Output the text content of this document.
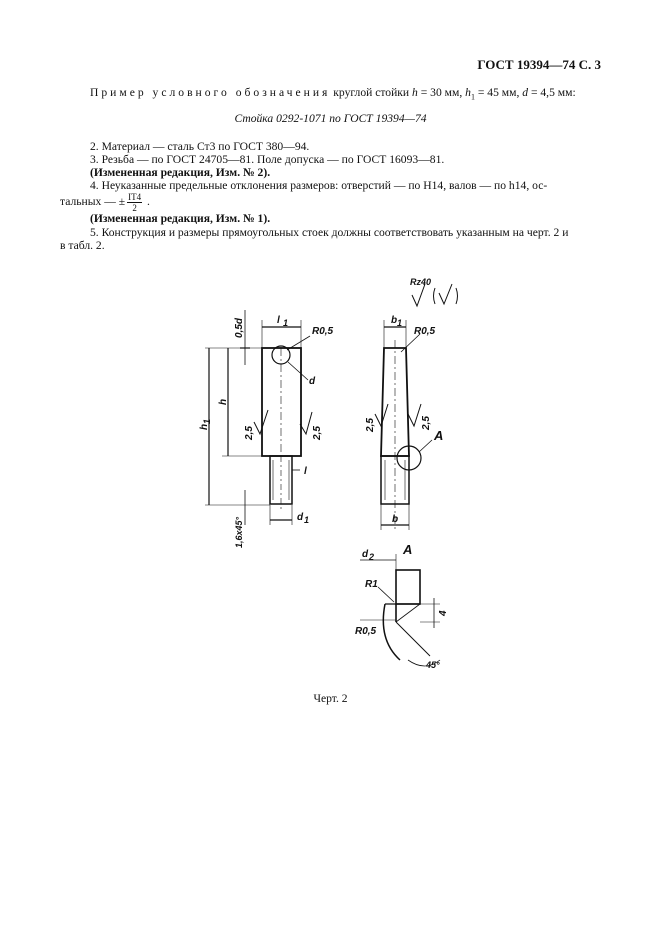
ГОСТ 19394—74 С. 3
Пример условного обозначения круглой стойки h = 30 мм, $h_1 = 45$ мм, d = 4,5 мм:
Стойка 0292-1071 по ГОСТ 19394—74
2. Материал — сталь Ст3 по ГОСТ 380—94.
3. Резьба — по ГОСТ 24705—81. Поле допуска — по ГОСТ 16093—81.
(Измененная редакция, Изм. № 2).
4. Неуказанные предельные отклонения размеров: отверстий — по Н14, валов — по h14, ос-
тальных — ± $\frac{IT4}{2}$ .
(Измененная редакция, Изм. № 1).
5. Конструкция и размеры прямоугольных стоек должны соответствовать указанным на черт. 2 и
в табл. 2.
l 1
R0,5
0,5d
d
h
h
1
2,5	2,5
l
d 1
1,6х45°
Rz40
b 1
R0,5
2,5	2,5
A
b
A
d 2
R1
4
R0,5
45°
Черт. 2
